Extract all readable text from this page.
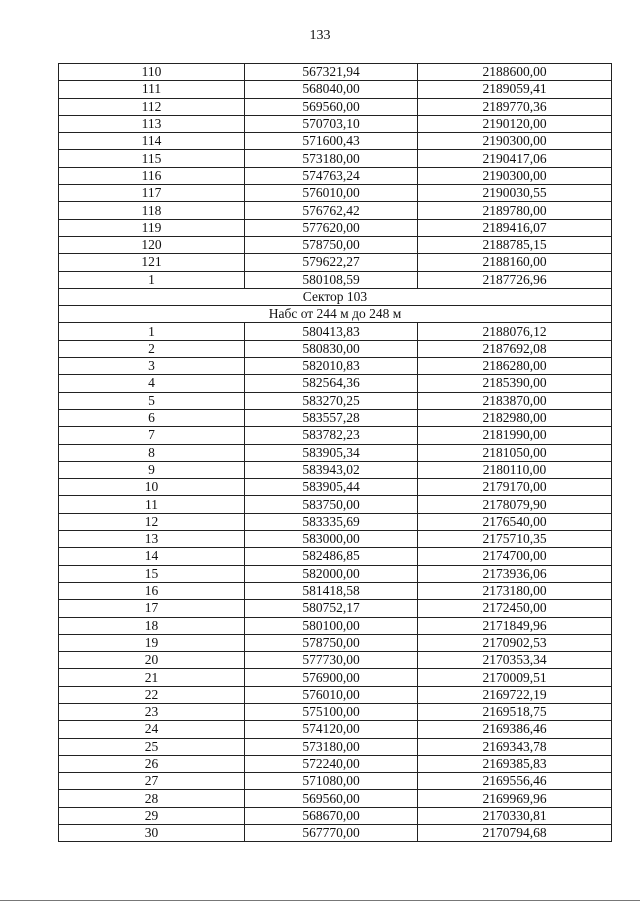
133
110	567321,94	2188600,00
111	568040,00	2189059,41
112	569560,00	2189770,36
113	570703,10	2190120,00
114	571600,43	2190300,00
115	573180,00	2190417,06
116	574763,24	2190300,00
117	576010,00	2190030,55
118	576762,42	2189780,00
119	577620,00	2189416,07
120	578750,00	2188785,15
121	579622,27	2188160,00
1	580108,59	2187726,96
Сектор 103		
Набс от 244 м до 248 м		
1	580413,83	2188076,12
2	580830,00	2187692,08
3	582010,83	2186280,00
4	582564,36	2185390,00
5	583270,25	2183870,00
6	583557,28	2182980,00
7	583782,23	2181990,00
8	583905,34	2181050,00
9	583943,02	2180110,00
10	583905,44	2179170,00
11	583750,00	2178079,90
12	583335,69	2176540,00
13	583000,00	2175710,35
14	582486,85	2174700,00
15	582000,00	2173936,06
16	581418,58	2173180,00
17	580752,17	2172450,00
18	580100,00	2171849,96
19	578750,00	2170902,53
20	577730,00	2170353,34
21	576900,00	2170009,51
22	576010,00	2169722,19
23	575100,00	2169518,75
24	574120,00	2169386,46
25	573180,00	2169343,78
26	572240,00	2169385,83
27	571080,00	2169556,46
28	569560,00	2169969,96
29	568670,00	2170330,81
30	567770,00	2170794,68
